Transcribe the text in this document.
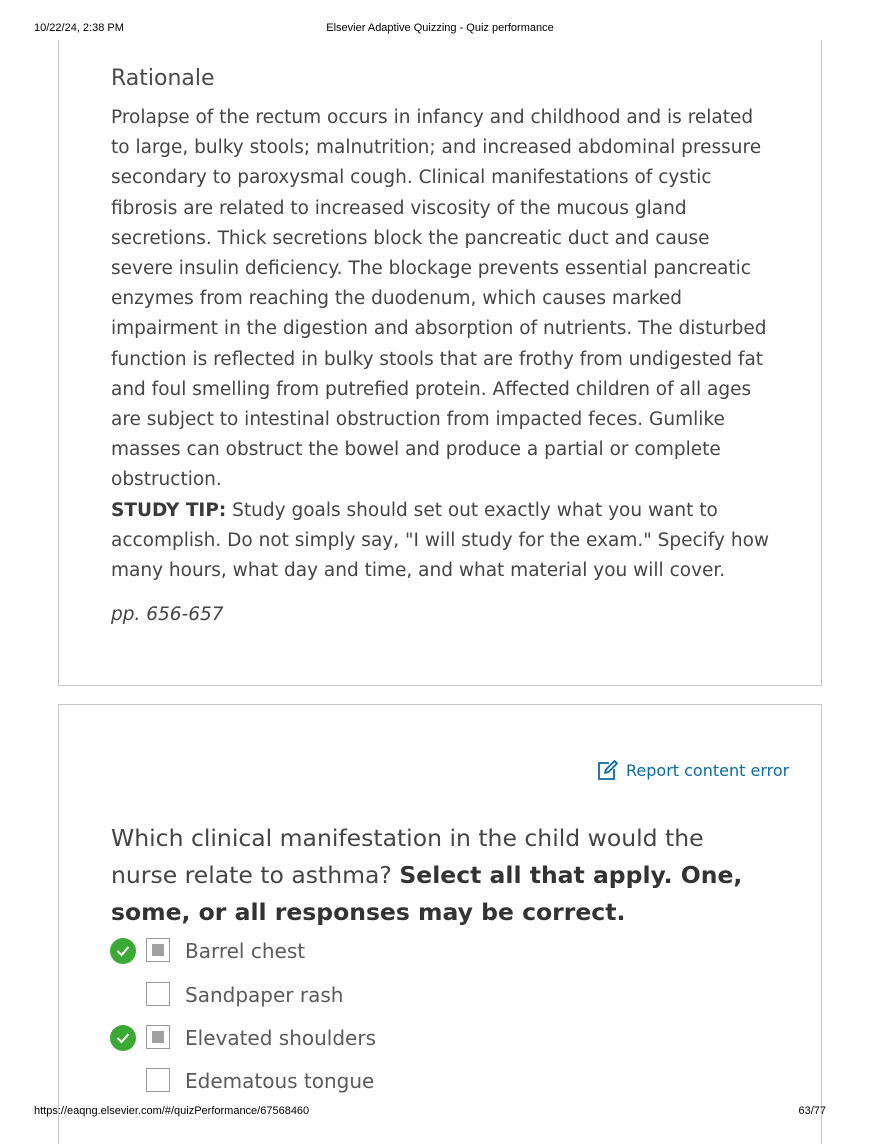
10/22/24, 2:38 PM	Elsevier Adaptive Quizzing - Quiz performance
Rationale

Prolapse of the rectum occurs in infancy and childhood and is related to large, bulky stools; malnutrition; and increased abdominal pressure secondary to paroxysmal cough. Clinical manifestations of cystic fibrosis are related to increased viscosity of the mucous gland secretions. Thick secretions block the pancreatic duct and cause severe insulin deficiency. The blockage prevents essential pancreatic enzymes from reaching the duodenum, which causes marked impairment in the digestion and absorption of nutrients. The disturbed function is reflected in bulky stools that are frothy from undigested fat and foul smelling from putrefied protein. Affected children of all ages are subject to intestinal obstruction from impacted feces. Gumlike masses can obstruct the bowel and produce a partial or complete obstruction.

STUDY TIP: Study goals should set out exactly what you want to accomplish. Do not simply say, "I will study for the exam." Specify how many hours, what day and time, and what material you will cover.

pp. 656-657
Report content error

Which clinical manifestation in the child would the nurse relate to asthma? Select all that apply. One, some, or all responses may be correct.

Barrel chest
Sandpaper rash
Elevated shoulders
Edematous tongue
https://eaqng.elsevier.com/#/quizPerformance/67568460	63/77
